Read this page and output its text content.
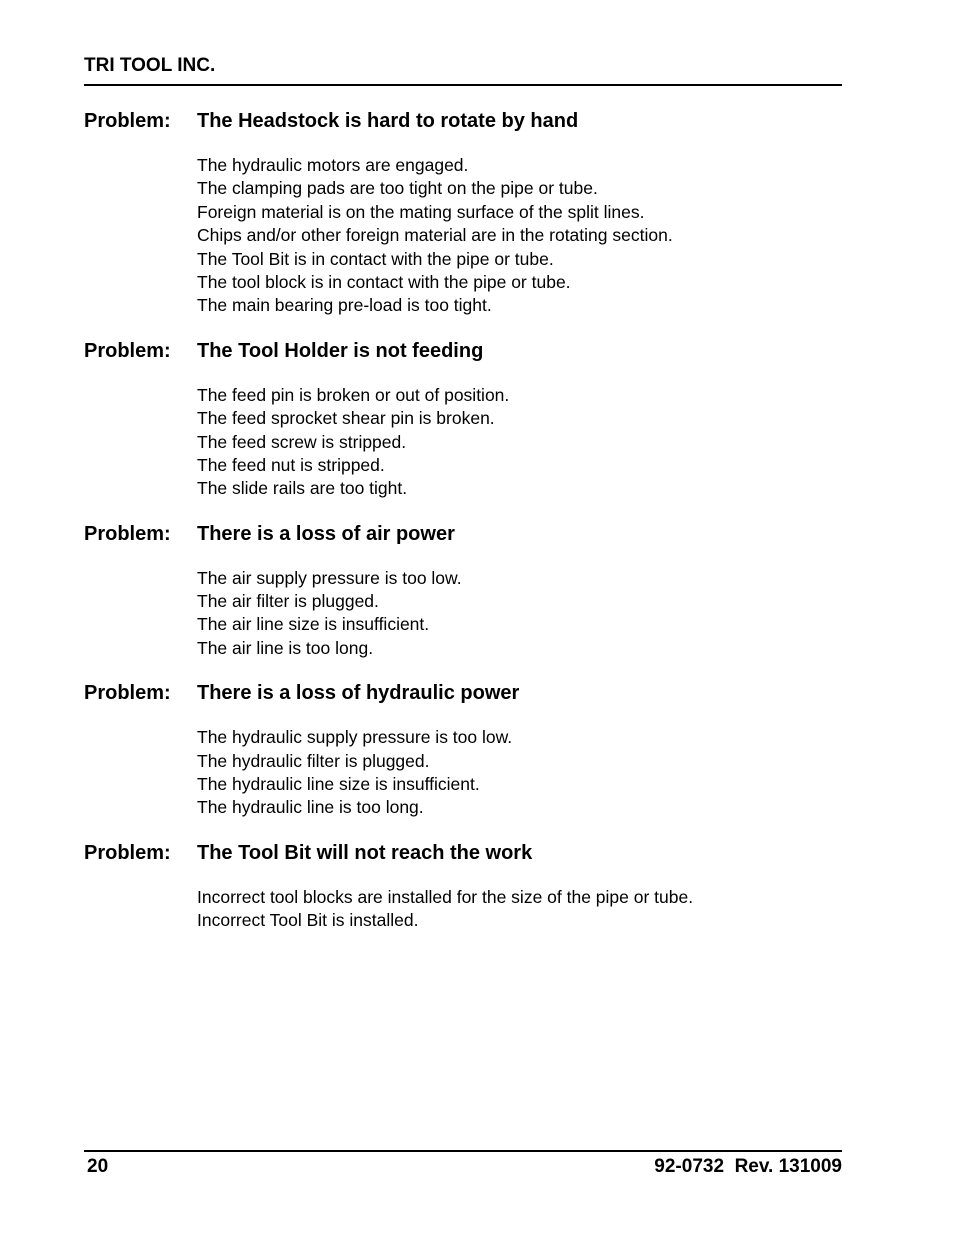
TRI TOOL INC.
Problem:	The Headstock is hard to rotate by hand
The hydraulic motors are engaged.
The clamping pads are too tight on the pipe or tube.
Foreign material is on the mating surface of the split lines.
Chips and/or other foreign material are in the rotating section.
The Tool Bit is in contact with the pipe or tube.
The tool block is in contact with the pipe or tube.
The main bearing pre-load is too tight.
Problem:	The Tool Holder is not feeding
The feed pin is broken or out of position.
The feed sprocket shear pin is broken.
The feed screw is stripped.
The feed nut is stripped.
The slide rails are too tight.
Problem:	There is a loss of air power
The air supply pressure is too low.
The air filter is plugged.
The air line size is insufficient.
The air line is too long.
Problem:	There is a loss of hydraulic power
The hydraulic supply pressure is too low.
The hydraulic filter is plugged.
The hydraulic line size is insufficient.
The hydraulic line is too long.
Problem:	The Tool Bit will not reach the work
Incorrect tool blocks are installed for the size of the pipe or tube.
Incorrect Tool Bit is installed.
20	92-0732  Rev. 131009
